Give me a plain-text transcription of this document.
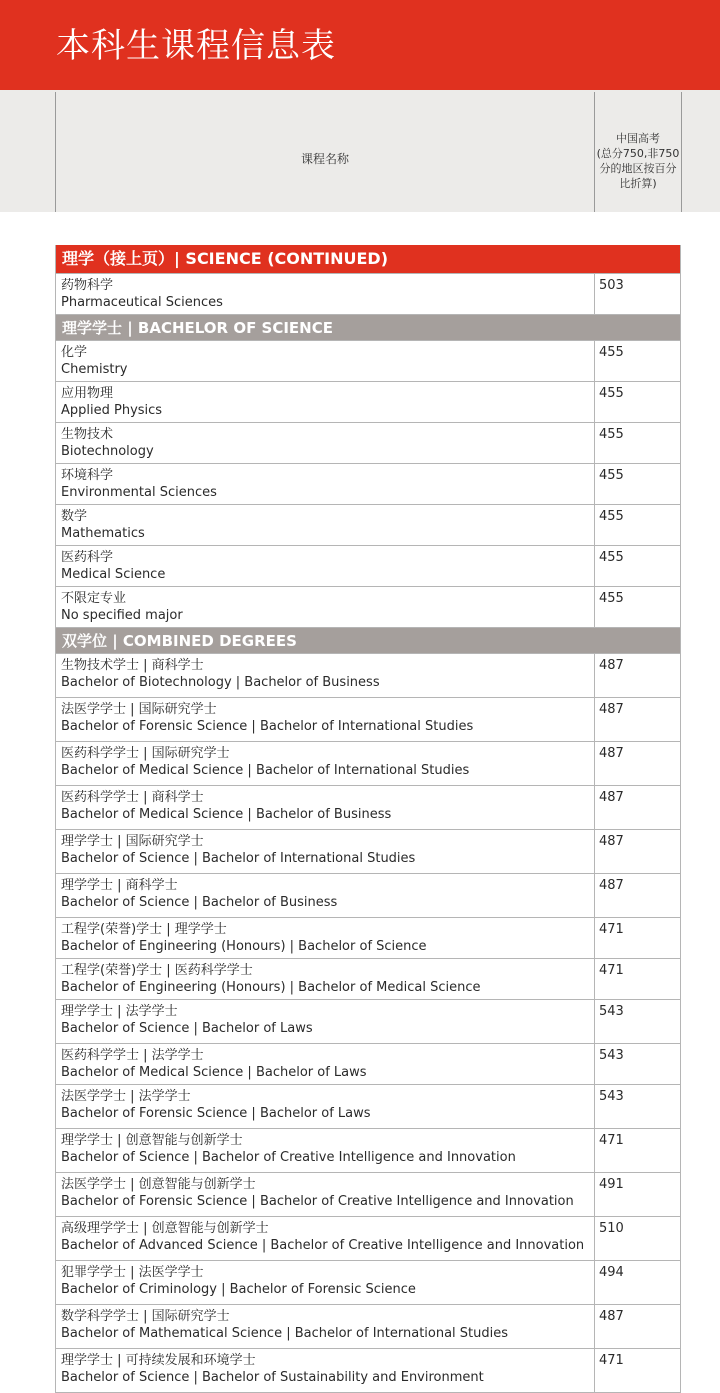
本科生课程信息表
课程名称
中国高考
(总分750,非750
分的地区按百分
比折算)
理学（接上页）| SCIENCE (CONTINUED)
药物科学
Pharmaceutical Sciences
503
理学学士 | BACHELOR OF SCIENCE
化学
Chemistry
455
应用物理
Applied Physics
455
生物技术
Biotechnology
455
环境科学
Environmental Sciences
455
数学
Mathematics
455
医药科学
Medical Science
455
不限定专业
No specified major
455
双学位 | COMBINED DEGREES
生物技术学士 | 商科学士
Bachelor of Biotechnology | Bachelor of Business
487
法医学学士 | 国际研究学士
Bachelor of Forensic Science | Bachelor of International Studies
487
医药科学学士 | 国际研究学士
Bachelor of Medical Science | Bachelor of International Studies
487
医药科学学士 | 商科学士
Bachelor of Medical Science | Bachelor of Business
487
理学学士 | 国际研究学士
Bachelor of Science | Bachelor of International Studies
487
理学学士 | 商科学士
Bachelor of Science | Bachelor of Business
487
工程学(荣誉)学士 | 理学学士
Bachelor of Engineering (Honours) | Bachelor of Science
471
工程学(荣誉)学士 | 医药科学学士
Bachelor of Engineering (Honours) | Bachelor of Medical Science
471
理学学士 | 法学学士
Bachelor of Science | Bachelor of Laws
543
医药科学学士 | 法学学士
Bachelor of Medical Science | Bachelor of Laws
543
法医学学士 | 法学学士
Bachelor of Forensic Science | Bachelor of Laws
543
理学学士 | 创意智能与创新学士
Bachelor of Science | Bachelor of Creative Intelligence and Innovation
471
法医学学士 | 创意智能与创新学士
Bachelor of Forensic Science | Bachelor of Creative Intelligence and Innovation
491
高级理学学士 | 创意智能与创新学士
Bachelor of Advanced Science | Bachelor of Creative Intelligence and Innovation
510
犯罪学学士 | 法医学学士
Bachelor of Criminology | Bachelor of Forensic Science
494
数学科学学士 | 国际研究学士
Bachelor of Mathematical Science | Bachelor of International Studies
487
理学学士 | 可持续发展和环境学士
Bachelor of Science | Bachelor of Sustainability and Environment
471
